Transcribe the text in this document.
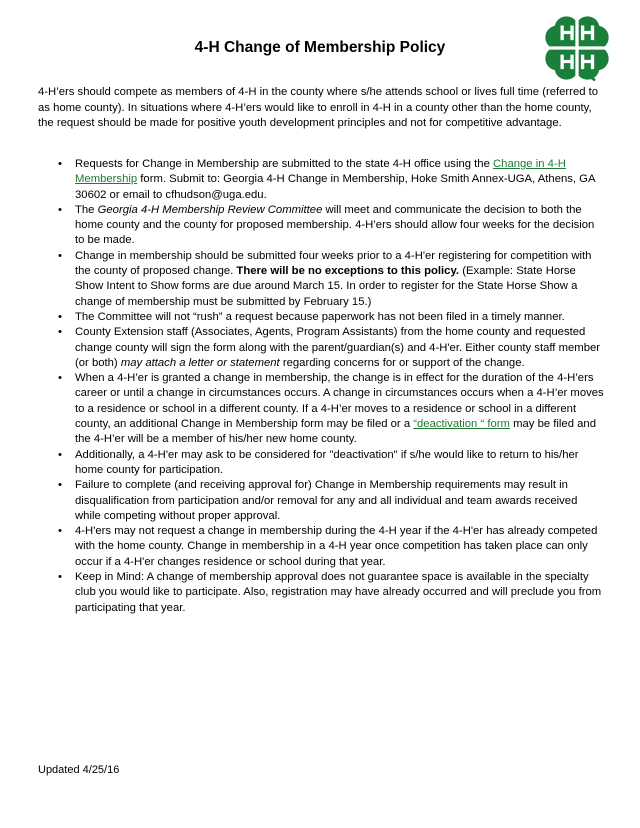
4-H Change of Membership Policy

4-H’ers should compete as members of 4-H in the county where s/he attends school or lives full time (referred to as home county). In situations where 4-H’ers would like to enroll in 4-H in a county other than the home county, the request should be made for positive youth development principles and not for competitive advantage.

• Requests for Change in Membership are submitted to the state 4-H office using the Change in 4-H Membership form. Submit to: Georgia 4-H Change in Membership, Hoke Smith Annex-UGA, Athens, GA 30602 or email to cfhudson@uga.edu.
• The Georgia 4-H Membership Review Committee will meet and communicate the decision to both the home county and the county for proposed membership. 4-H’ers should allow four weeks for the decision to be made.
• Change in membership should be submitted four weeks prior to a 4-H'er registering for competition with the county of proposed change. There will be no exceptions to this policy. (Example: State Horse Show Intent to Show forms are due around March 15. In order to register for the State Horse Show a change of membership must be submitted by February 15.)
• The Committee will not “rush” a request because paperwork has not been filed in a timely manner.
• County Extension staff (Associates, Agents, Program Assistants) from the home county and requested change county will sign the form along with the parent/guardian(s) and 4-H'er. Either county staff member (or both) may attach a letter or statement regarding concerns for or support of the change.
• When a 4-H’er is granted a change in membership, the change is in effect for the duration of the 4-H’ers career or until a change in circumstances occurs. A change in circumstances occurs when a 4-H’er moves to a residence or school in a different county. If a 4-H’er moves to a residence or school in a different county, an additional Change in Membership form may be filed or a “deactivation “ form may be filed and the 4-H’er will be a member of his/her new home county.
• Additionally, a 4-H'er may ask to be considered for "deactivation" if s/he would like to return to his/her home county for participation.
• Failure to complete (and receiving approval for) Change in Membership requirements may result in disqualification from participation and/or removal for any and all individual and team awards received while competing without proper approval.
• 4-H'ers may not request a change in membership during the 4-H year if the 4-H'er has already competed with the home county. Change in membership in a 4-H year once competition has taken place can only occur if a 4-H'er changes residence or school during that year.
• Keep in Mind: A change of membership approval does not guarantee space is available in the specialty club you would like to participate. Also, registration may have already occurred and will preclude you from participating that year.

Updated 4/25/16
